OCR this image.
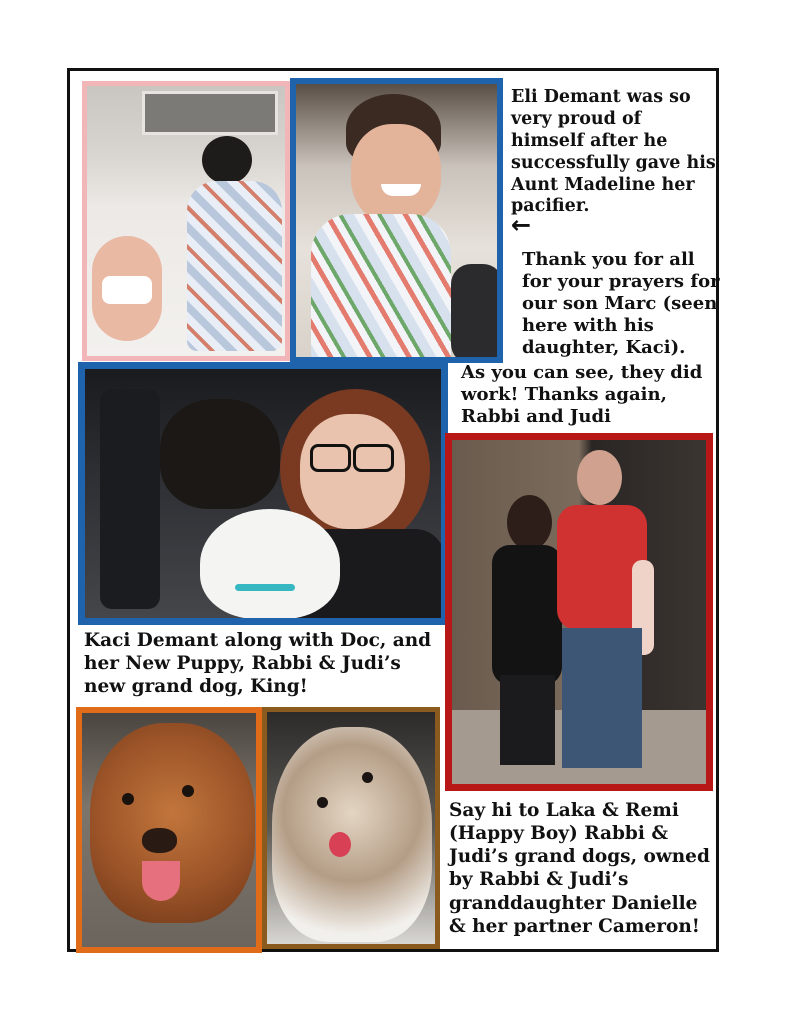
Eli Demant was so very proud of himself after he successfully gave his Aunt Madeline her pacifier.
←
Thank you for all for your prayers for our son Marc (seen here with his daughter, Kaci).
As you can see, they did work! Thanks again, Rabbi and Judi
Kaci Demant along with Doc, and her New Puppy, Rabbi & Judi’s new grand dog, King!
Say hi to Laka & Remi (Happy Boy) Rabbi & Judi’s grand dogs, owned by Rabbi & Judi’s granddaughter Danielle & her partner Cameron!
